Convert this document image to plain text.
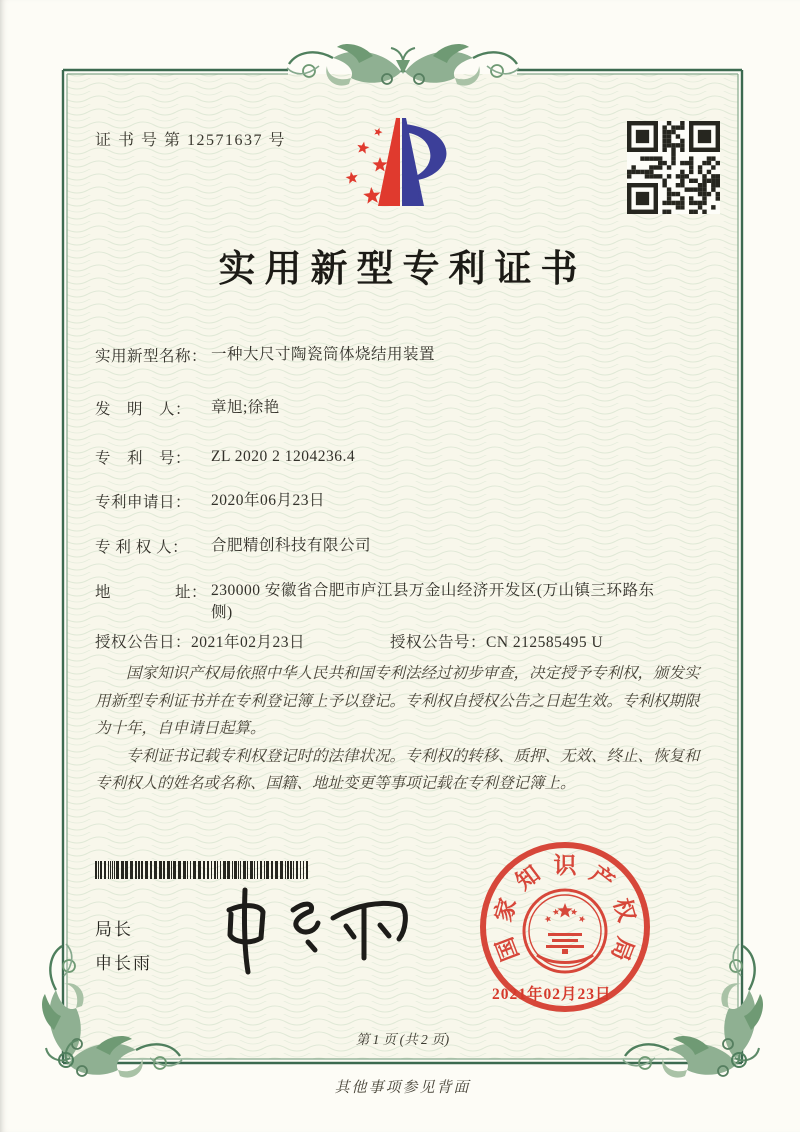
证 书 号 第 12571637 号
实用新型专利证书
实用新型名称： 一种大尺寸陶瓷筒体烧结用装置
发　明　人： 章旭;徐艳
专　利　号： ZL 2020 2 1204236.4
专利申请日： 2020年06月23日
专 利 权 人： 合肥精创科技有限公司
地　　　　址： 230000 安徽省合肥市庐江县万金山经济开发区(万山镇三环路东侧)
授权公告日：2021年02月23日	授权公告号：CN 212585495 U

国家知识产权局依照中华人民共和国专利法经过初步审查，决定授予专利权，颁发实用新型专利证书并在专利登记簿上予以登记。专利权自授权公告之日起生效。专利权期限为十年，自申请日起算。

专利证书记载专利权登记时的法律状况。专利权的转移、质押、无效、终止、恢复和专利权人的姓名或名称、国籍、地址变更等事项记载在专利登记簿上。

局长
申长雨	国
家
知 识 产
权
局
2021年02月23日
第 1 页 (共 2 页)
其他事项参见背面
